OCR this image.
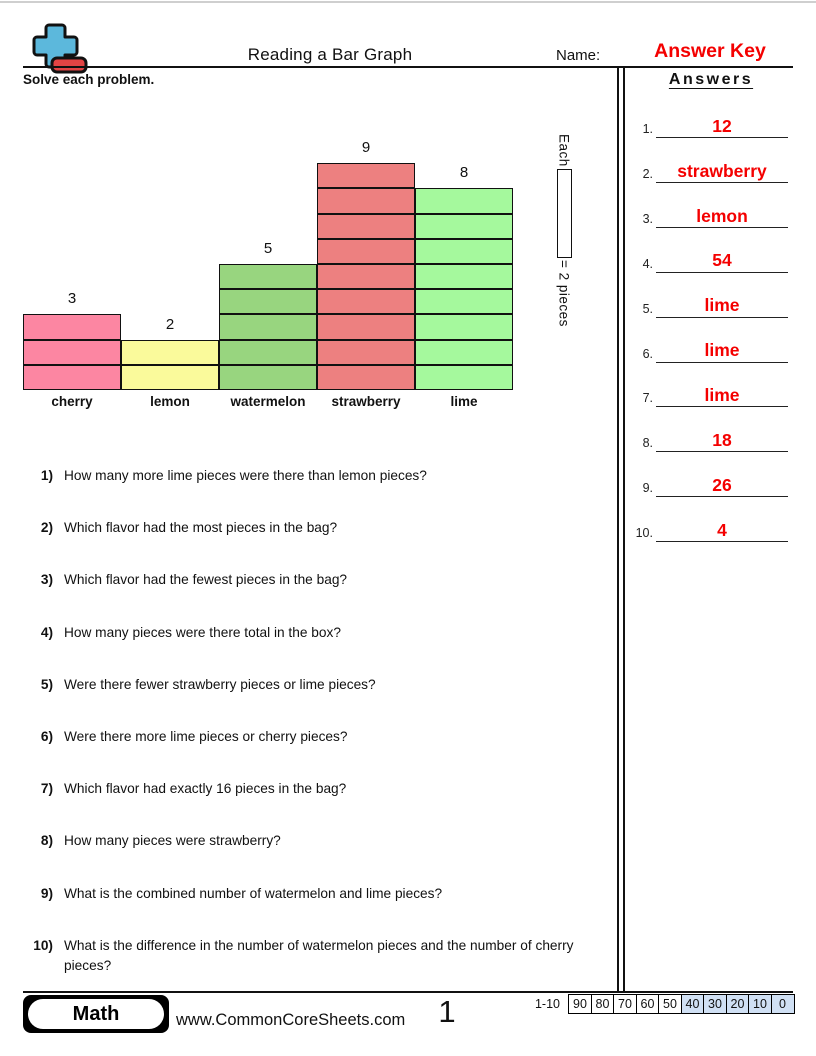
Reading a Bar Graph	Name:	Answer Key
Solve each problem.
3
cherry
2
lemon
5
watermelon
9
strawberry
8
lime
Each
= 2 pieces
Answers
1.	12
2. strawberry
3. lemon
4.	54
5.	lime
6.	lime
7.	lime
8.	18
9.	26
10.	4
1) How many more lime pieces were there than lemon pieces?
2) Which flavor had the most pieces in the bag?
3) Which flavor had the fewest pieces in the bag?
4) How many pieces were there total in the box?
5) Were there fewer strawberry pieces or lime pieces?
6) Were there more lime pieces or cherry pieces?
7) Which flavor had exactly 16 pieces in the bag?
8) How many pieces were strawberry?
9) What is the combined number of watermelon and lime pieces?
10) What is the difference in the number of watermelon pieces and the number of cherry pieces?
Math	www.CommonCoreSheets.com	1	1-10	90 80 70 60 50 40 30 20 10 0
